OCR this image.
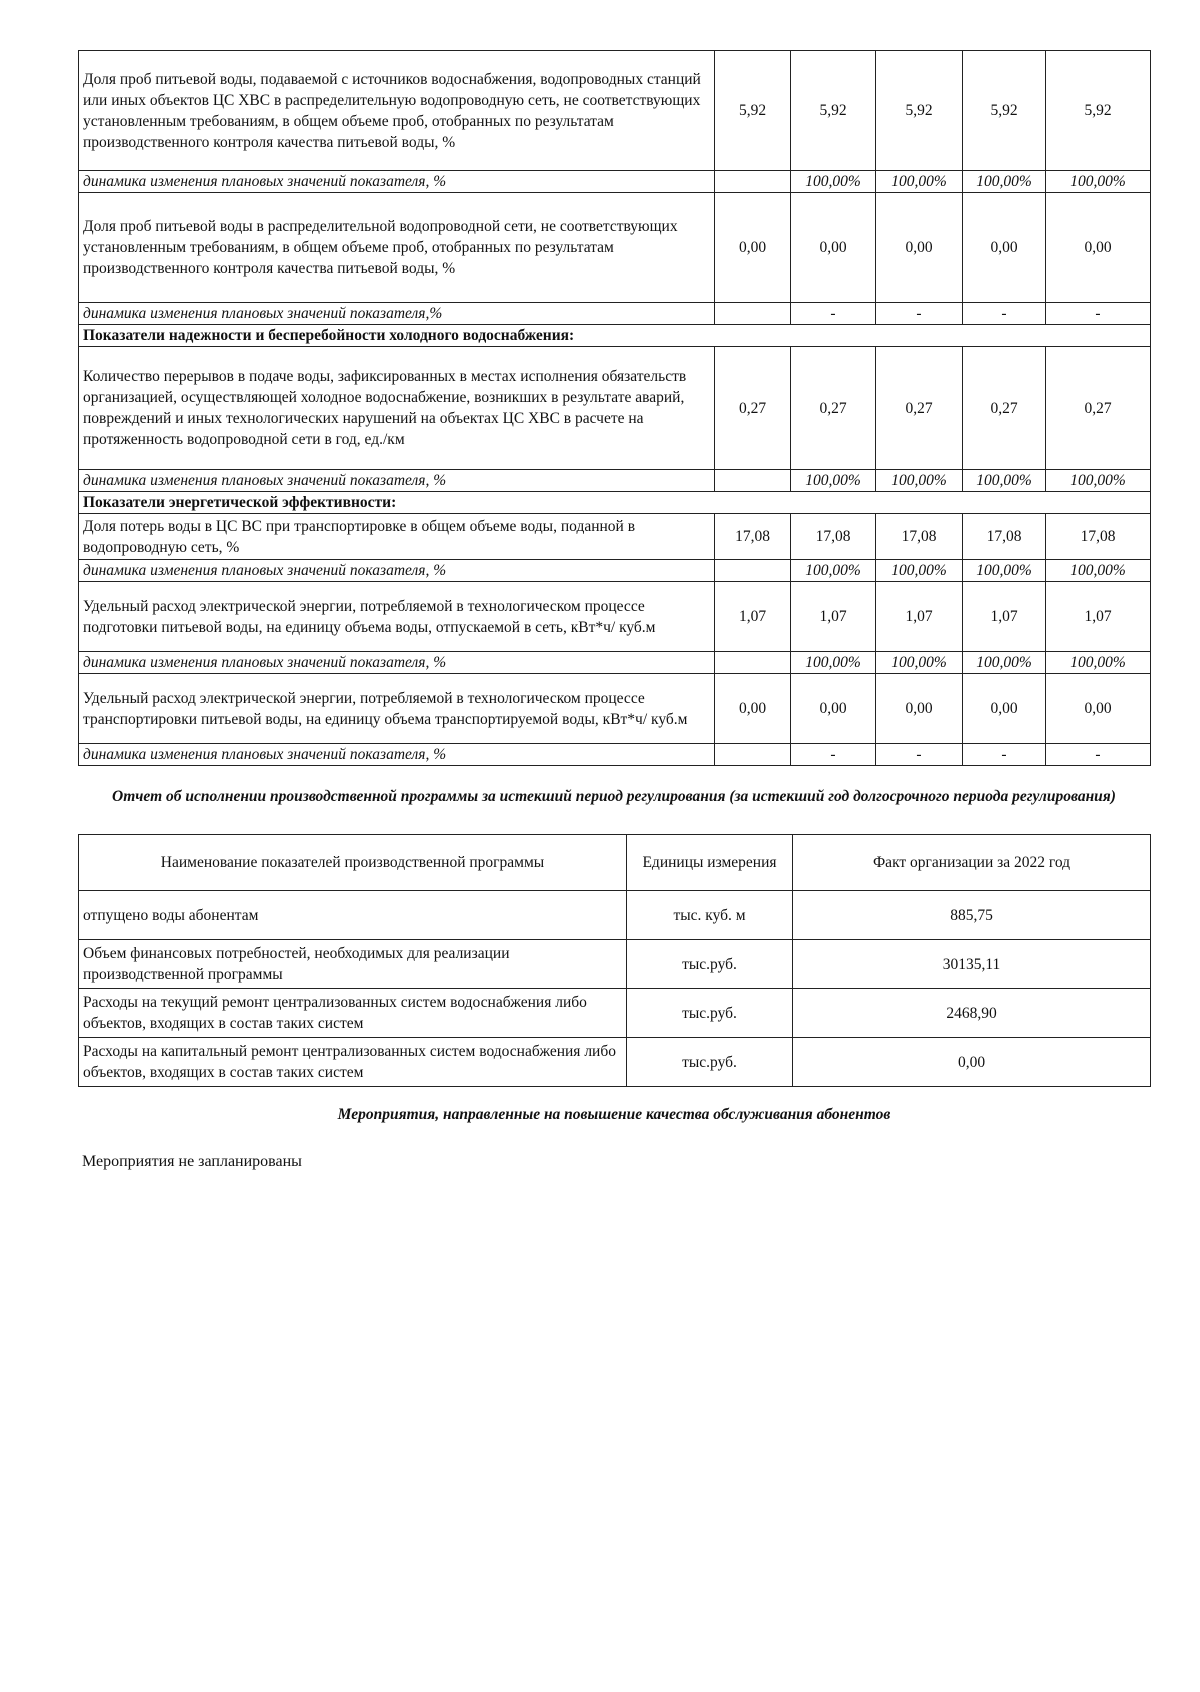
Доля проб питьевой воды, подаваемой с источников водоснабжения, водопроводных станций или иных объектов ЦС ХВС в распределительную водопроводную сеть, не соответствующих установленным требованиям, в общем объеме проб, отобранных по результатам производственного контроля качества питьевой воды, %	5,92	5,92	5,92	5,92	5,92
динамика изменения плановых значений показателя, %		100,00%	100,00%	100,00%	100,00%
Доля проб питьевой воды в распределительной водопроводной сети, не соответствующих установленным требованиям, в общем объеме проб, отобранных по результатам производственного контроля качества питьевой воды, %	0,00	0,00	0,00	0,00	0,00
динамика изменения плановых значений показателя,%		-	-	-	-
Показатели надежности и бесперебойности холодного водоснабжения:					
Количество перерывов в подаче воды, зафиксированных в местах исполнения обязательств организацией, осуществляющей холодное водоснабжение, возникших в результате аварий, повреждений и иных технологических нарушений на объектах ЦС ХВС в расчете на протяженность водопроводной сети в год, ед./км	0,27	0,27	0,27	0,27	0,27
динамика изменения плановых значений показателя, %		100,00%	100,00%	100,00%	100,00%
Показатели энергетической эффективности:					
Доля потерь воды в ЦС ВС при транспортировке в общем объеме воды, поданной в водопроводную сеть, %	17,08	17,08	17,08	17,08	17,08
динамика изменения плановых значений показателя, %		100,00%	100,00%	100,00%	100,00%
Удельный расход электрической энергии, потребляемой в технологическом процессе подготовки питьевой воды, на единицу объема воды, отпускаемой в сеть, кВт*ч/ куб.м	1,07	1,07	1,07	1,07	1,07
динамика изменения плановых значений показателя, %		100,00%	100,00%	100,00%	100,00%
Удельный расход электрической энергии, потребляемой в технологическом процессе транспортировки питьевой воды, на единицу объема транспортируемой воды, кВт*ч/ куб.м	0,00	0,00	0,00	0,00	0,00
динамика изменения плановых значений показателя, %		-	-	-	-
Отчет об исполнении производственной программы за истекший период регулирования (за истекший год долгосрочного периода регулирования)
Наименование показателей производственной программы	Единицы измерения	Факт организации за 2022 год
отпущено воды абонентам	тыс. куб. м	885,75
Объем финансовых потребностей, необходимых для реализации производственной программы	тыс.руб.	30135,11
Расходы на текущий ремонт централизованных систем водоснабжения либо объектов, входящих в состав таких систем	тыс.руб.	2468,90
Расходы на капитальный ремонт централизованных систем водоснабжения либо объектов, входящих в состав таких систем	тыс.руб.	0,00
Мероприятия, направленные на повышение качества обслуживания абонентов
Мероприятия не запланированы
